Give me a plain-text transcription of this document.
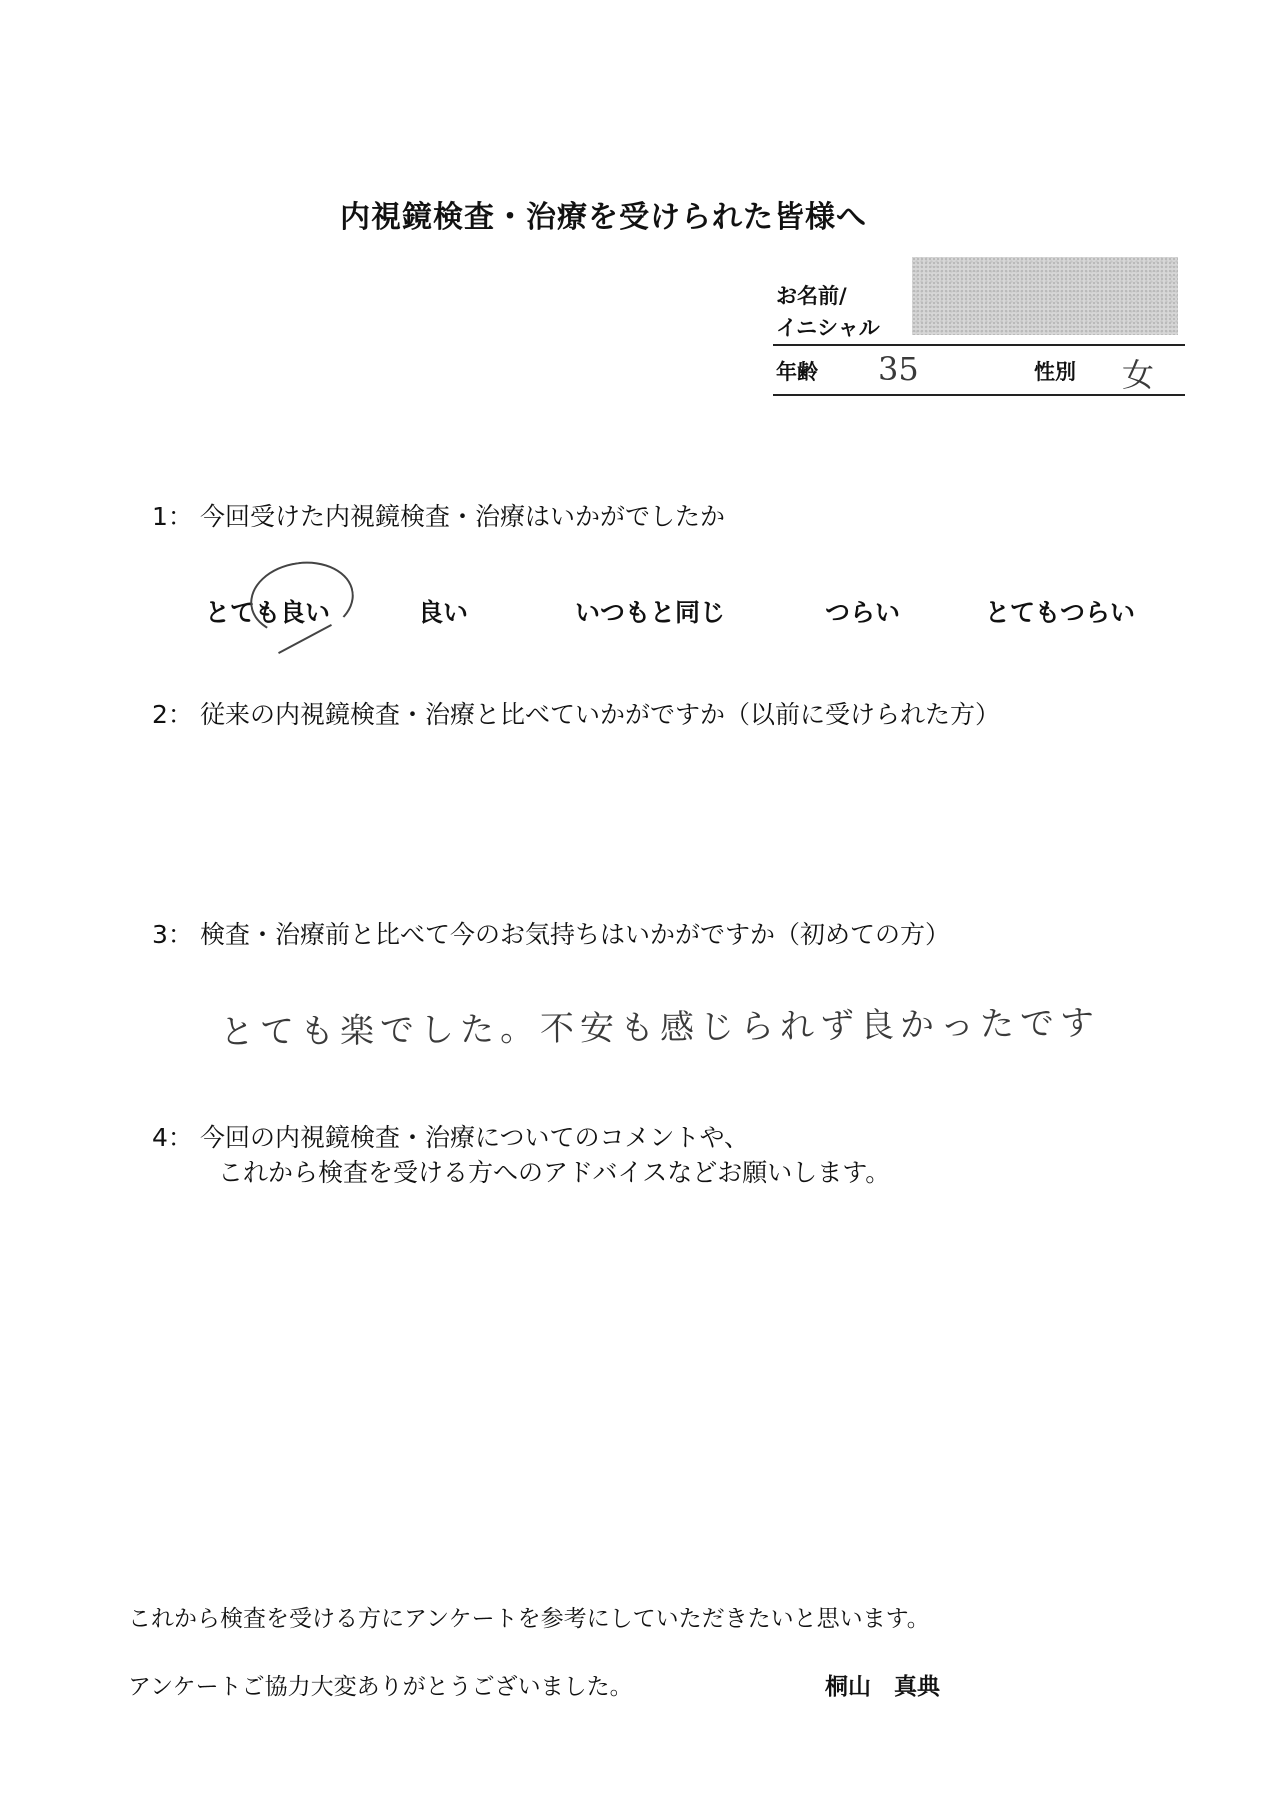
内視鏡検査・治療を受けられた皆様へ
お名前/
イニシャル
年齢 35	性別 女
1： 今回受けた内視鏡検査・治療はいかがでしたか
とても良い	良い	いつもと同じ	つらい	とてもつらい
2： 従来の内視鏡検査・治療と比べていかがですか（以前に受けられた方）
3： 検査・治療前と比べて今のお気持ちはいかがですか（初めての方）
とても楽でした。不安も感じられず良かったです
4： 今回の内視鏡検査・治療についてのコメントや、
これから検査を受ける方へのアドバイスなどお願いします。
これから検査を受ける方にアンケートを参考にしていただきたいと思います。
アンケートご協力大変ありがとうございました。	桐山　真典
